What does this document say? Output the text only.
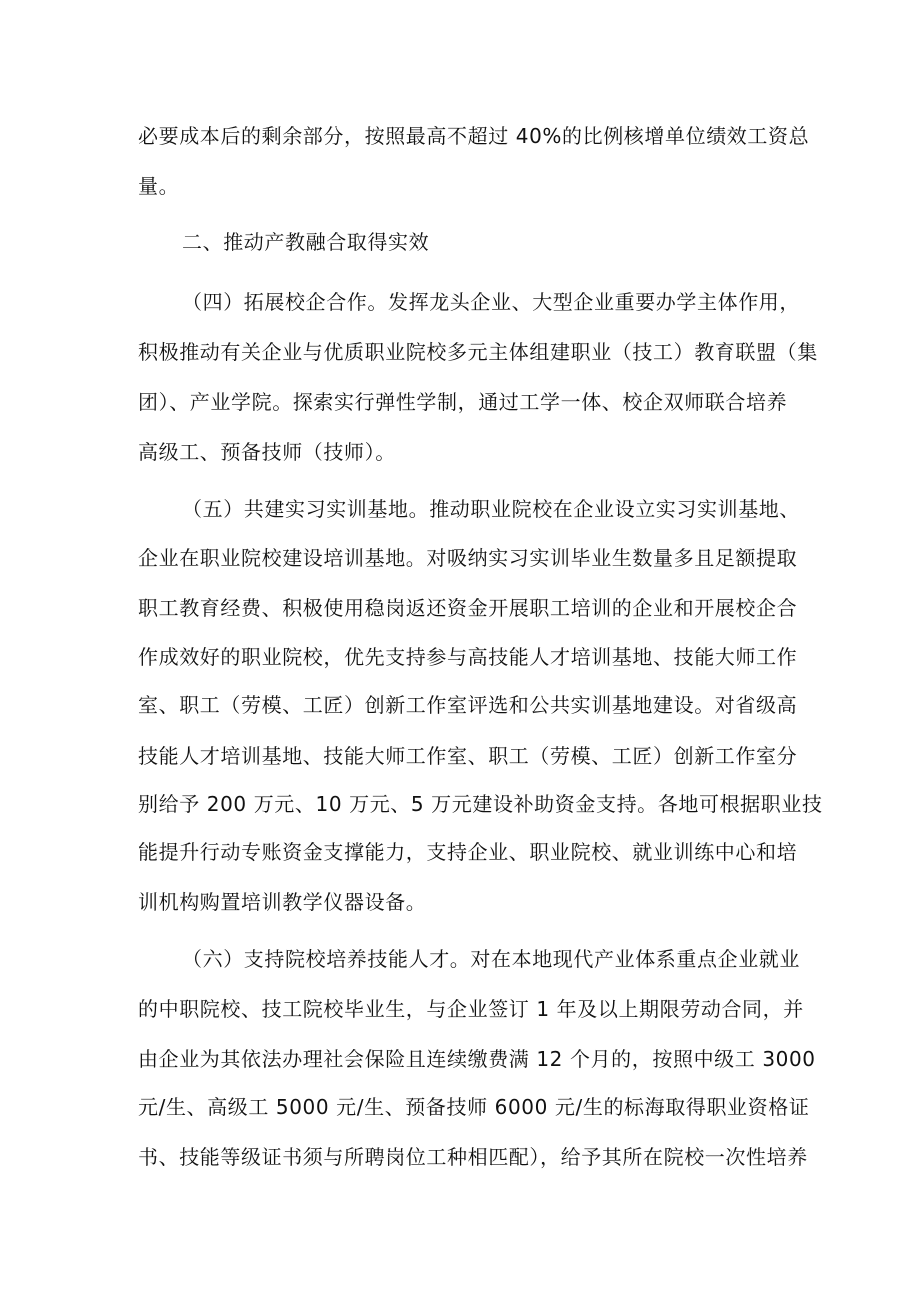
必要成本后的剩余部分，按照最高不超过 40%的比例核增单位绩效工资总

量。

二、推动产教融合取得实效

（四）拓展校企合作。发挥龙头企业、大型企业重要办学主体作用，

积极推动有关企业与优质职业院校多元主体组建职业（技工）教育联盟（集

团）、产业学院。探索实行弹性学制，通过工学一体、校企双师联合培养

高级工、预备技师（技师）。

（五）共建实习实训基地。推动职业院校在企业设立实习实训基地、

企业在职业院校建设培训基地。对吸纳实习实训毕业生数量多且足额提取

职工教育经费、积极使用稳岗返还资金开展职工培训的企业和开展校企合

作成效好的职业院校，优先支持参与高技能人才培训基地、技能大师工作

室、职工（劳模、工匠）创新工作室评选和公共实训基地建设。对省级高

技能人才培训基地、技能大师工作室、职工（劳模、工匠）创新工作室分

别给予 200 万元、10 万元、5 万元建设补助资金支持。各地可根据职业技

能提升行动专账资金支撑能力，支持企业、职业院校、就业训练中心和培

训机构购置培训教学仪器设备。

（六）支持院校培养技能人才。对在本地现代产业体系重点企业就业

的中职院校、技工院校毕业生，与企业签订 1 年及以上期限劳动合同，并

由企业为其依法办理社会保险且连续缴费满 12 个月的，按照中级工 3000

元/生、高级工 5000 元/生、预备技师 6000 元/生的标海取得职业资格证

书、技能等级证书须与所聘岗位工种相匹配），给予其所在院校一次性培养
